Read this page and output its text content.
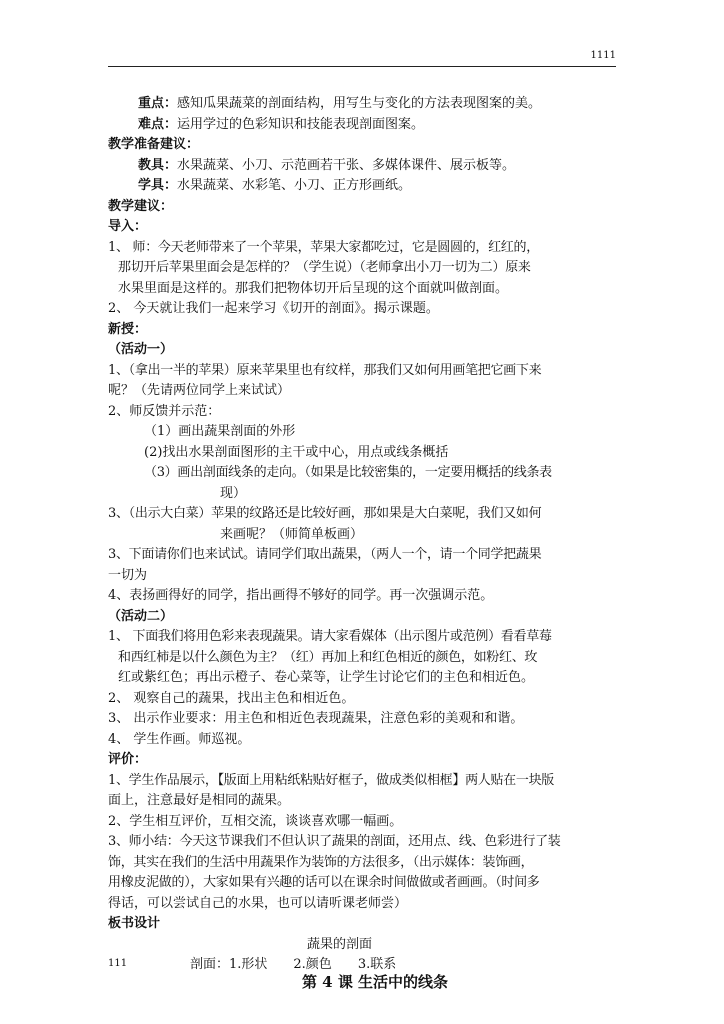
1111
重点：感知瓜果蔬菜的剖面结构，用写生与变化的方法表现图案的美。
难点：运用学过的色彩知识和技能表现剖面图案。
教学准备建议：
教具：水果蔬菜、小刀、示范画若干张、多媒体课件、展示板等。
学具：水果蔬菜、水彩笔、小刀、正方形画纸。
教学建议：
导入：
1、 师：今天老师带来了一个苹果，苹果大家都吃过，它是圆圆的，红红的，
那切开后苹果里面会是怎样的？（学生说）（老师拿出小刀一切为二）原来
水果里面是这样的。那我们把物体切开后呈现的这个面就叫做剖面。
2、 今天就让我们一起来学习《切开的剖面》。揭示课题。
新授：
（活动一）
1、（拿出一半的苹果）原来苹果里也有纹样，那我们又如何用画笔把它画下来
呢？（先请两位同学上来试试）
2、师反馈并示范：
（1）画出蔬果剖面的外形
(2)找出水果剖面图形的主干或中心，用点或线条概括
（3）画出剖面线条的走向。（如果是比较密集的，一定要用概括的线条表
现）
3、（出示大白菜）苹果的纹路还是比较好画，那如果是大白菜呢，我们又如何
来画呢？（师简单板画）
3、下面请你们也来试试。请同学们取出蔬果，（两人一个，请一个同学把蔬果
一切为
4、表扬画得好的同学，指出画得不够好的同学。再一次强调示范。
（活动二）
1、 下面我们将用色彩来表现蔬果。请大家看媒体（出示图片或范例）看看草莓
和西红柿是以什么颜色为主？（红）再加上和红色相近的颜色，如粉红、玫
红或紫红色；再出示橙子、卷心菜等，让学生讨论它们的主色和相近色。
2、 观察自己的蔬果，找出主色和相近色。
3、 出示作业要求：用主色和相近色表现蔬果，注意色彩的美观和和谐。
4、 学生作画。师巡视。
评价：
1、学生作品展示，【版面上用粘纸粘贴好框子，做成类似相框】两人贴在一块版
面上，注意最好是相同的蔬果。
2、学生相互评价，互相交流，谈谈喜欢哪一幅画。
3、师小结：今天这节课我们不但认识了蔬果的剖面，还用点、线、色彩进行了装
饰，其实在我们的生活中用蔬果作为装饰的方法很多，（出示媒体：装饰画，
用橡皮泥做的），大家如果有兴趣的话可以在课余时间做做或者画画。（时间多
得话，可以尝试自己的水果，也可以请听课老师尝）
板书设计
蔬果的剖面
剖面：1.形状 2.颜色 3.联系
第 4 课 生活中的线条
111
